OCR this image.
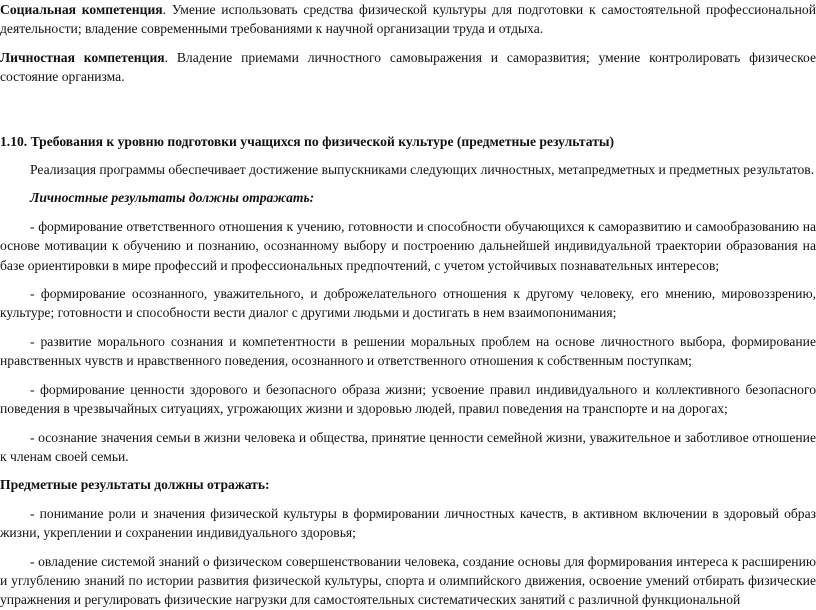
Социальная компетенция. Умение использовать средства физической культуры для подготовки к самостоятельной профессиональной деятельности; владение современными требованиями к научной организации труда и отдыха.

Личностная компетенция. Владение приемами личностного самовыражения и саморазвития; умение контролировать физическое состояние организма.

1.10. Требования к уровню подготовки учащихся по физической культуре (предметные результаты)

Реализация программы обеспечивает достижение выпускниками следующих личностных, метапредметных и предметных результатов.

Личностные результаты должны отражать:

- формирование ответственного отношения к учению, готовности и способности обучающихся к саморазвитию и самообразованию на основе мотивации к обучению и познанию, осознанному выбору и построению дальнейшей индивидуальной траектории образования на базе ориентировки в мире профессий и профессиональных предпочтений, с учетом устойчивых познавательных интересов;

- формирование осознанного, уважительного, и доброжелательного отношения к другому человеку, его мнению, мировоззрению, культуре; готовности и способности вести диалог с другими людьми и достигать в нем взаимопонимания;

- развитие морального сознания и компетентности в решении моральных проблем на основе личностного выбора, формирование нравственных чувств и нравственного поведения, осознанного и ответственного отношения к собственным поступкам;

- формирование ценности здорового и безопасного образа жизни; усвоение правил индивидуального и коллективного безопасного поведения в чрезвычайных ситуациях, угрожающих жизни и здоровью людей, правил поведения на транспорте и на дорогах;

- осознание значения семьи в жизни человека и общества, принятие ценности семейной жизни, уважительное и заботливое отношение к членам своей семьи.

Предметные результаты должны отражать:

- понимание роли и значения физической культуры в формировании личностных качеств, в активном включении в здоровый образ жизни, укреплении и сохранении индивидуального здоровья;

- овладение системой знаний о физическом совершенствовании человека, создание основы для формирования интереса к расширению и углублению знаний по истории развития физической культуры, спорта и олимпийского движения, освоение умений отбирать физические упражнения и регулировать физические нагрузки для самостоятельных систематических занятий с различной функциональной
